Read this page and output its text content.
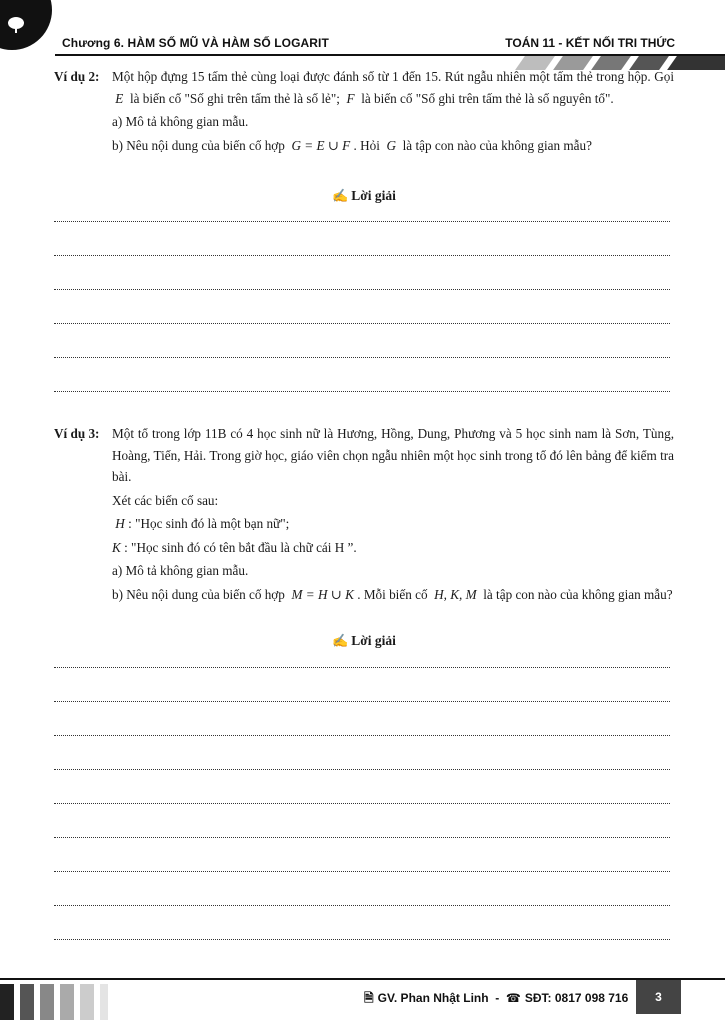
Chương 6. HÀM SỐ MŨ VÀ HÀM SỐ LOGARIT	TOÁN 11 - KẾT NỐI TRI THỨC
Ví dụ 2: Một hộp đựng 15 tấm thẻ cùng loại được đánh số từ 1 đến 15. Rút ngẫu nhiên một tấm thẻ trong hộp. Gọi  E là biến cố "Số ghi trên tấm thẻ là số lẻ"; F là biến cố "Số ghi trên tấm thẻ là số nguyên tố".

a) Mô tả không gian mẫu.

b) Nêu nội dung của biến cố hợp G = E ∪ F . Hỏi G là tập con nào của không gian mẫu?

✍ Lời giải
Ví dụ 3: Một tổ trong lớp 11B có 4 học sinh nữ là Hương, Hồng, Dung, Phương và 5 học sinh nam là Sơn, Tùng, Hoàng, Tiến, Hải. Trong giờ học, giáo viên chọn ngẫu nhiên một học sinh trong tổ đó lên bảng để kiểm tra bài.

Xét các biến cố sau:

H : "Học sinh đó là một bạn nữ";

K : "Học sinh đó có tên bắt đầu là chữ cái H ”.

a) Mô tả không gian mẫu.

b) Nêu nội dung của biến cố hợp M = H ∪ K . Mỗi biến cố H, K, M là tập con nào của không gian mẫu?

✍ Lời giải
🗎 GV. Phan Nhật Linh - ☎ SĐT: 0817 098 716	3
